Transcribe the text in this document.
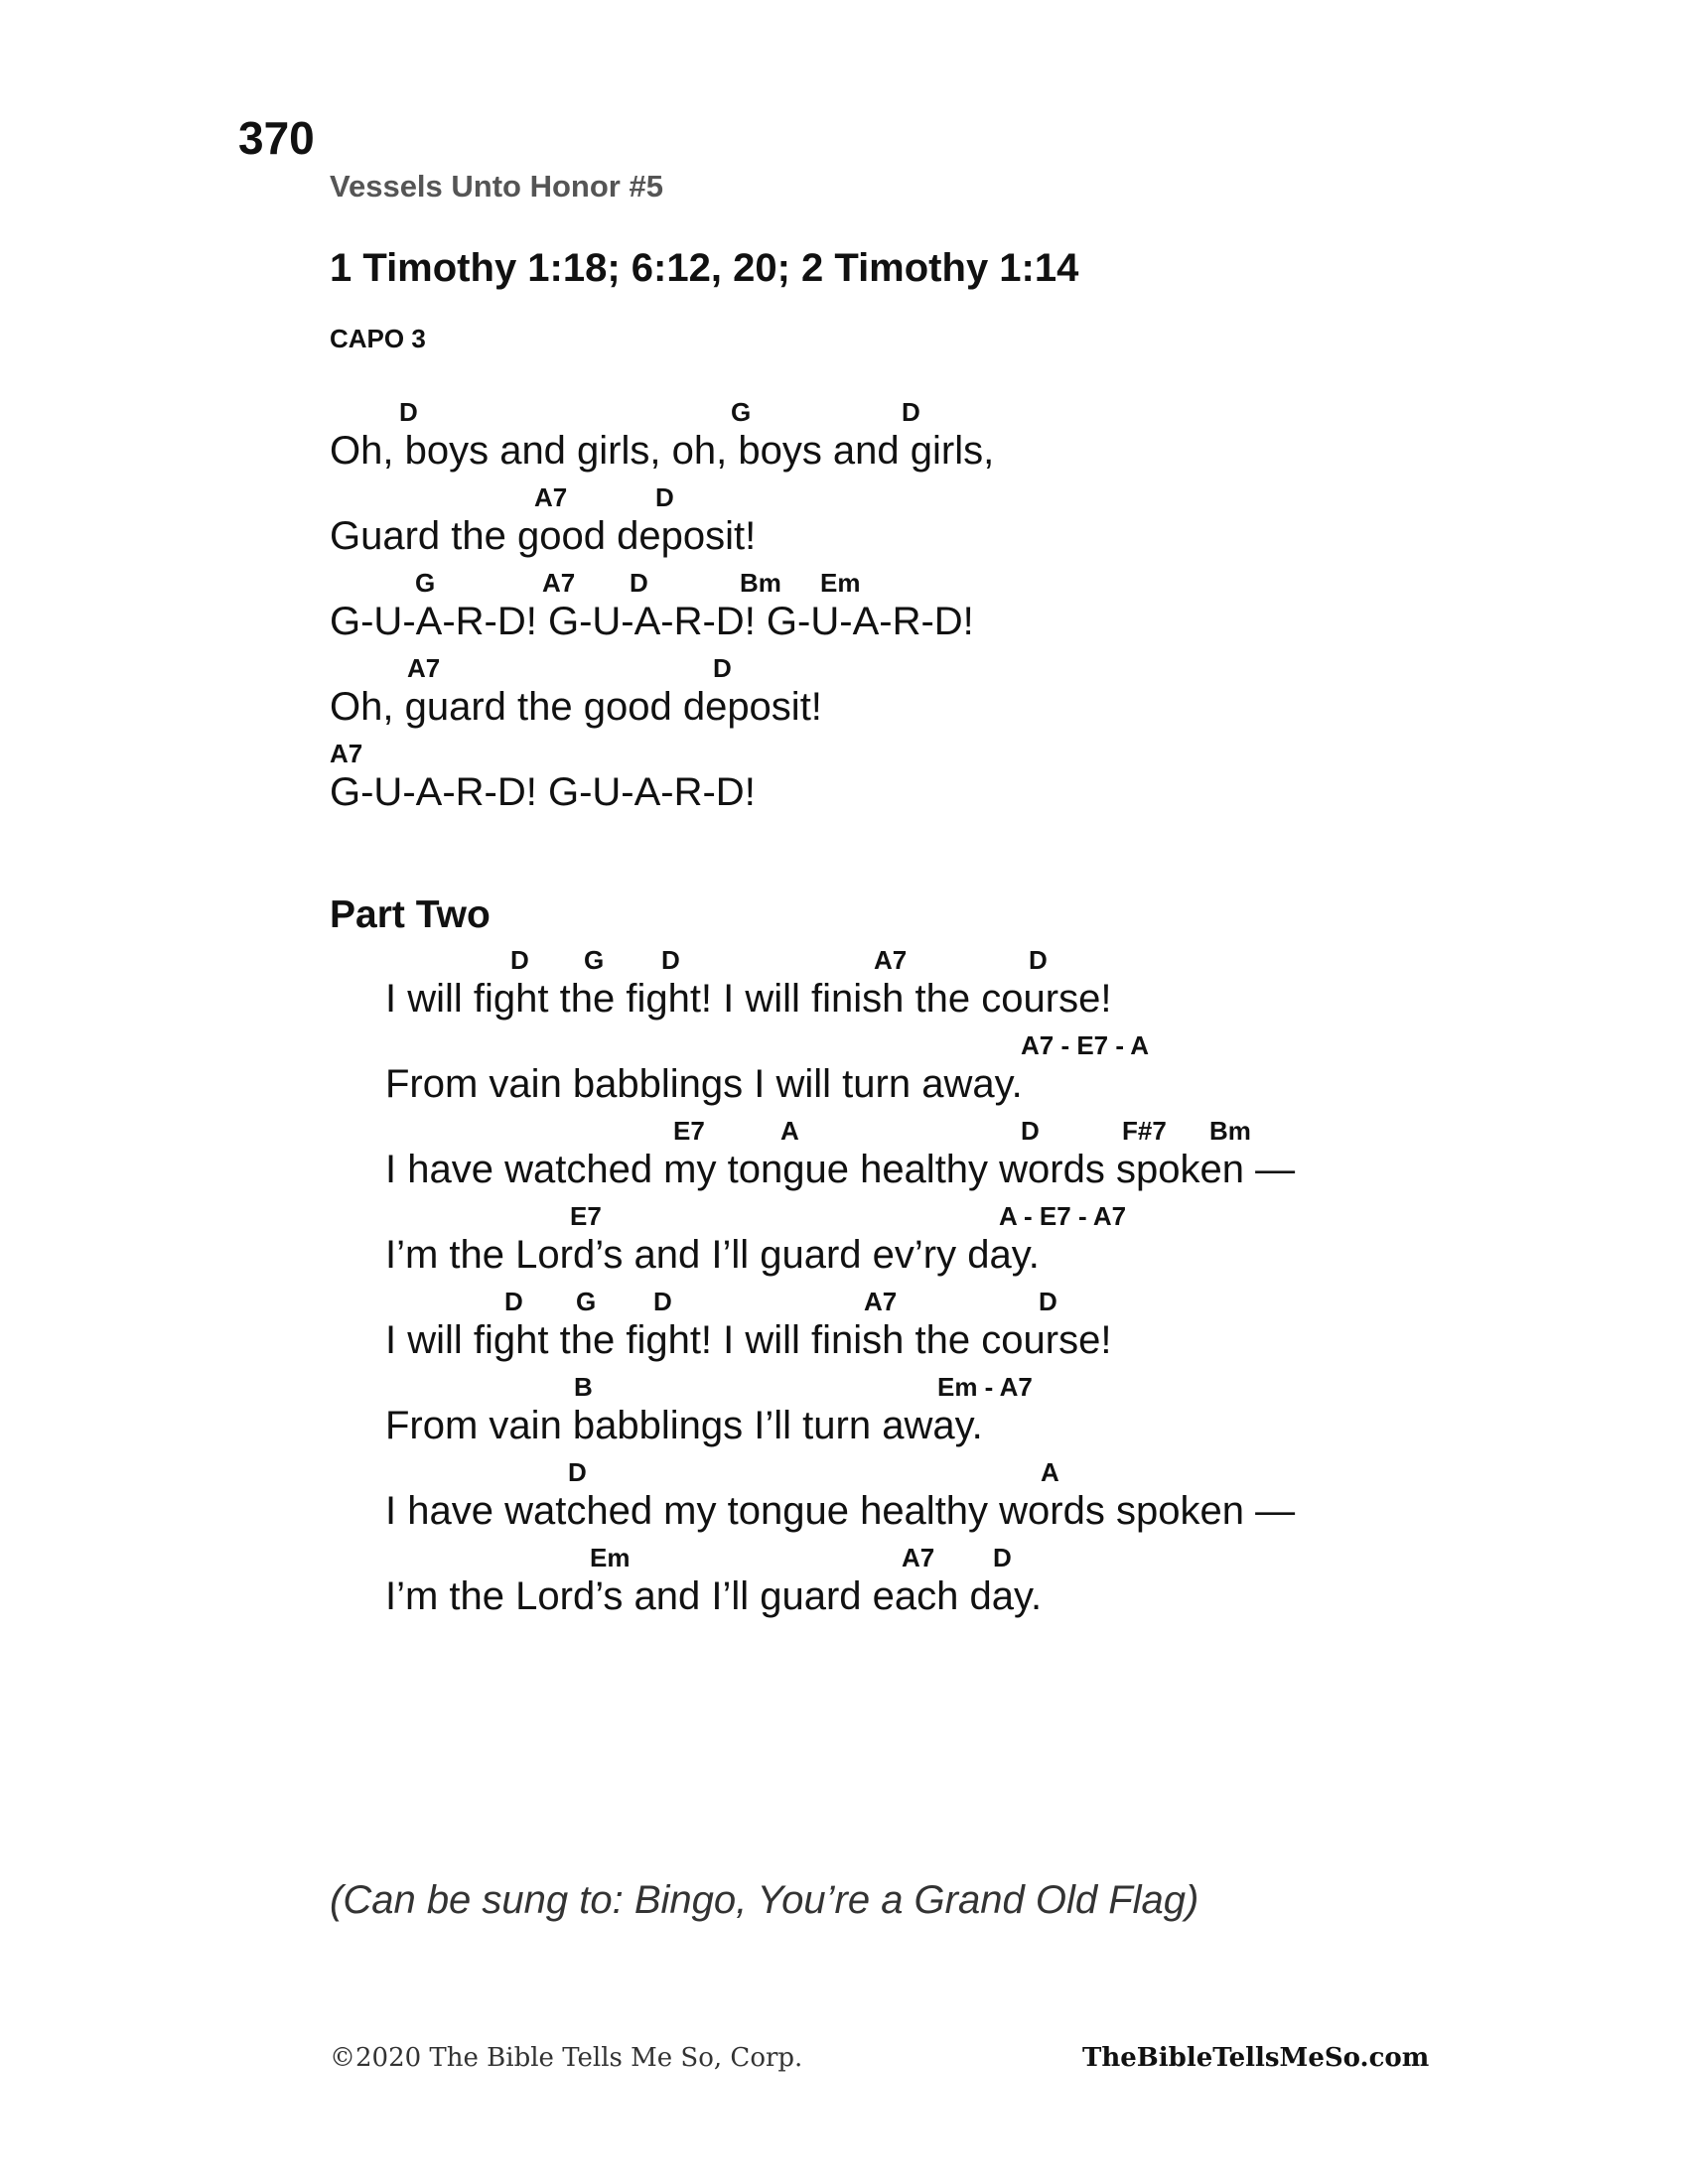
370
Vessels Unto Honor #5
1 Timothy 1:18; 6:12, 20; 2 Timothy 1:14
CAPO 3
D	G	D
Oh, boys and girls, oh, boys and girls,
A7	D
Guard the good deposit!
G	A7 D	Bm Em
G-U-A-R-D! G-U-A-R-D! G-U-A-R-D!
A7	D
Oh, guard the good deposit!
A7
G-U-A-R-D! G-U-A-R-D!
Part Two
D G D	A7	D
I will fight the fight! I will finish the course!
A7 - E7 - A
From vain babblings I will turn away.
E7	A	D	F#7 Bm
I have watched my tongue healthy words spoken —
E7	A - E7 - A7
I’m the Lord’s and I’ll guard ev’ry day.
D G D	A7	D
I will fight the fight! I will finish the course!
B	Em - A7
From vain babblings I’ll turn away.
D	A
I have watched my tongue healthy words spoken —
Em	A7 D
I’m the Lord’s and I’ll guard each day.
(Can be sung to: Bingo, You’re a Grand Old Flag)
©2020 The Bible Tells Me So, Corp.	TheBibleTellsMeSo.com
